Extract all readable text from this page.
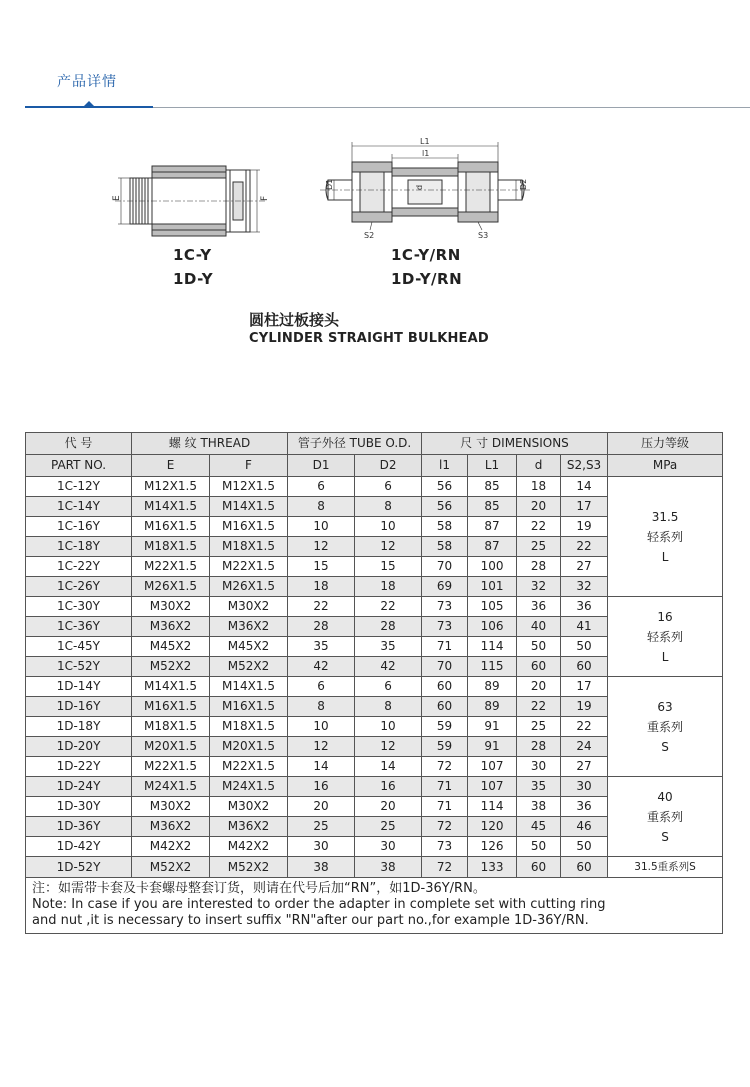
产品详情
E	F
1C-Y
1D-Y
L1
l1
D1	D2
d
S2	S3
1C-Y/RN
1D-Y/RN
圆柱过板接头
CYLINDER STRAIGHT BULKHEAD
代 号	螺 纹 THREAD		管子外径 TUBE O.D.		尺 寸 DIMENSIONS				压力等级
PART NO.	E	F	D1	D2	l1	L1	d	S2,S3	MPa
1C-12Y	M12X1.5	M12X1.5	6	6	56	85	18	14	31.5
轻系列
L

1C-14Y	M14X1.5	M14X1.5	8	8	56	85	20	17	
1C-16Y	M16X1.5	M16X1.5	10	10	58	87	22	19	
1C-18Y	M18X1.5	M18X1.5	12	12	58	87	25	22	
1C-22Y	M22X1.5	M22X1.5	15	15	70	100	28	27	
1C-26Y	M26X1.5	M26X1.5	18	18	69	101	32	32	
1C-30Y	M30X2	M30X2	22	22	73	105	36	36	16
轻系列
L

1C-36Y	M36X2	M36X2	28	28	73	106	40	41	
1C-45Y	M45X2	M45X2	35	35	71	114	50	50	
1C-52Y	M52X2	M52X2	42	42	70	115	60	60	
1D-14Y	M14X1.5	M14X1.5	6	6	60	89	20	17	63
重系列
S

1D-16Y	M16X1.5	M16X1.5	8	8	60	89	22	19	
1D-18Y	M18X1.5	M18X1.5	10	10	59	91	25	22	
1D-20Y	M20X1.5	M20X1.5	12	12	59	91	28	24	
1D-22Y	M22X1.5	M22X1.5	14	14	72	107	30	27	
1D-24Y	M24X1.5	M24X1.5	16	16	71	107	35	30	40
重系列
S

1D-30Y	M30X2	M30X2	20	20	71	114	38	36	
1D-36Y	M36X2	M36X2	25	25	72	120	45	46	
1D-42Y	M42X2	M42X2	30	30	73	126	50	50	
1D-52Y	M52X2	M52X2	38	38	72	133	60	60	31.5重系列S

注：如需带卡套及卡套螺母整套订货，则请在代号后加“RN”，如1D-36Y/RN。
Note: In case if you are interested to order the adapter in complete set with cutting ring
and nut ,it is necessary to insert suffix "RN"after our part no.,for example 1D-36Y/RN.									
